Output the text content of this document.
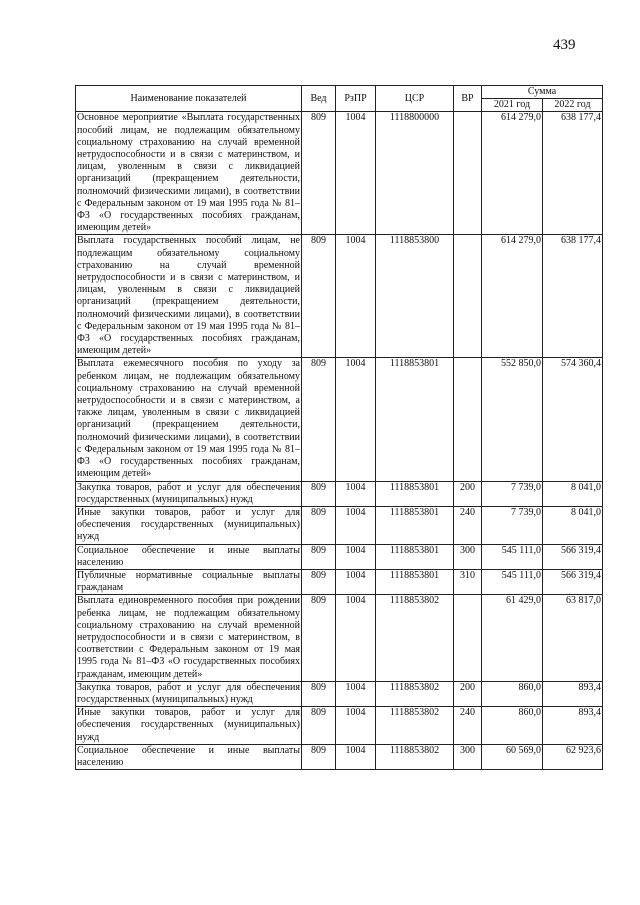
439
Наименование показателей	Вед	РзПР	ЦСР	ВР	Сумма	
					2021 год	2022 год
Основное мероприятие «Выплата государственных пособий лицам, не подлежащим обязательному социальному страхованию на случай временной нетрудоспособности и в связи с материнством, и лицам, уволенным в связи с ликвидацией организаций (прекращением деятельности, полномочий физическими лицами), в соответствии с Федеральным законом от 19 мая 1995 года № 81–ФЗ «О государственных пособиях гражданам, имеющим детей»	809	1004	1118800000		614 279,0	638 177,4
Выплата государственных пособий лицам, не подлежащим обязательному социальному страхованию на случай временной нетрудоспособности и в связи с материнством, и лицам, уволенным в связи с ликвидацией организаций (прекращением деятельности, полномочий физическими лицами), в соответствии с Федеральным законом от 19 мая 1995 года № 81–ФЗ «О государственных пособиях гражданам, имеющим детей»	809	1004	1118853800		614 279,0	638 177,4
Выплата ежемесячного пособия по уходу за ребенком лицам, не подлежащим обязательному социальному страхованию на случай временной нетрудоспособности и в связи с материнством, а также лицам, уволенным в связи с ликвидацией организаций (прекращением деятельности, полномочий физическими лицами), в соответствии с Федеральным законом от 19 мая 1995 года № 81–ФЗ «О государственных пособиях гражданам, имеющим детей»	809	1004	1118853801		552 850,0	574 360,4
Закупка товаров, работ и услуг для обеспечения государственных (муниципальных) нужд	809	1004	1118853801	200	7 739,0	8 041,0
Иные закупки товаров, работ и услуг для обеспечения государственных (муниципальных) нужд	809	1004	1118853801	240	7 739,0	8 041,0
Социальное обеспечение и иные выплаты населению	809	1004	1118853801	300	545 111,0	566 319,4
Публичные нормативные социальные выплаты гражданам	809	1004	1118853801	310	545 111,0	566 319,4
Выплата единовременного пособия при рождении ребенка лицам, не подлежащим обязательному социальному страхованию на случай временной нетрудоспособности и в связи с материнством, в соответствии с Федеральным законом от 19 мая 1995 года № 81–ФЗ «О государственных пособиях гражданам, имеющим детей»	809	1004	1118853802		61 429,0	63 817,0
Закупка товаров, работ и услуг для обеспечения государственных (муниципальных) нужд	809	1004	1118853802	200	860,0	893,4
Иные закупки товаров, работ и услуг для обеспечения государственных (муниципальных) нужд	809	1004	1118853802	240	860,0	893,4
Социальное обеспечение и иные выплаты населению	809	1004	1118853802	300	60 569,0	62 923,6
